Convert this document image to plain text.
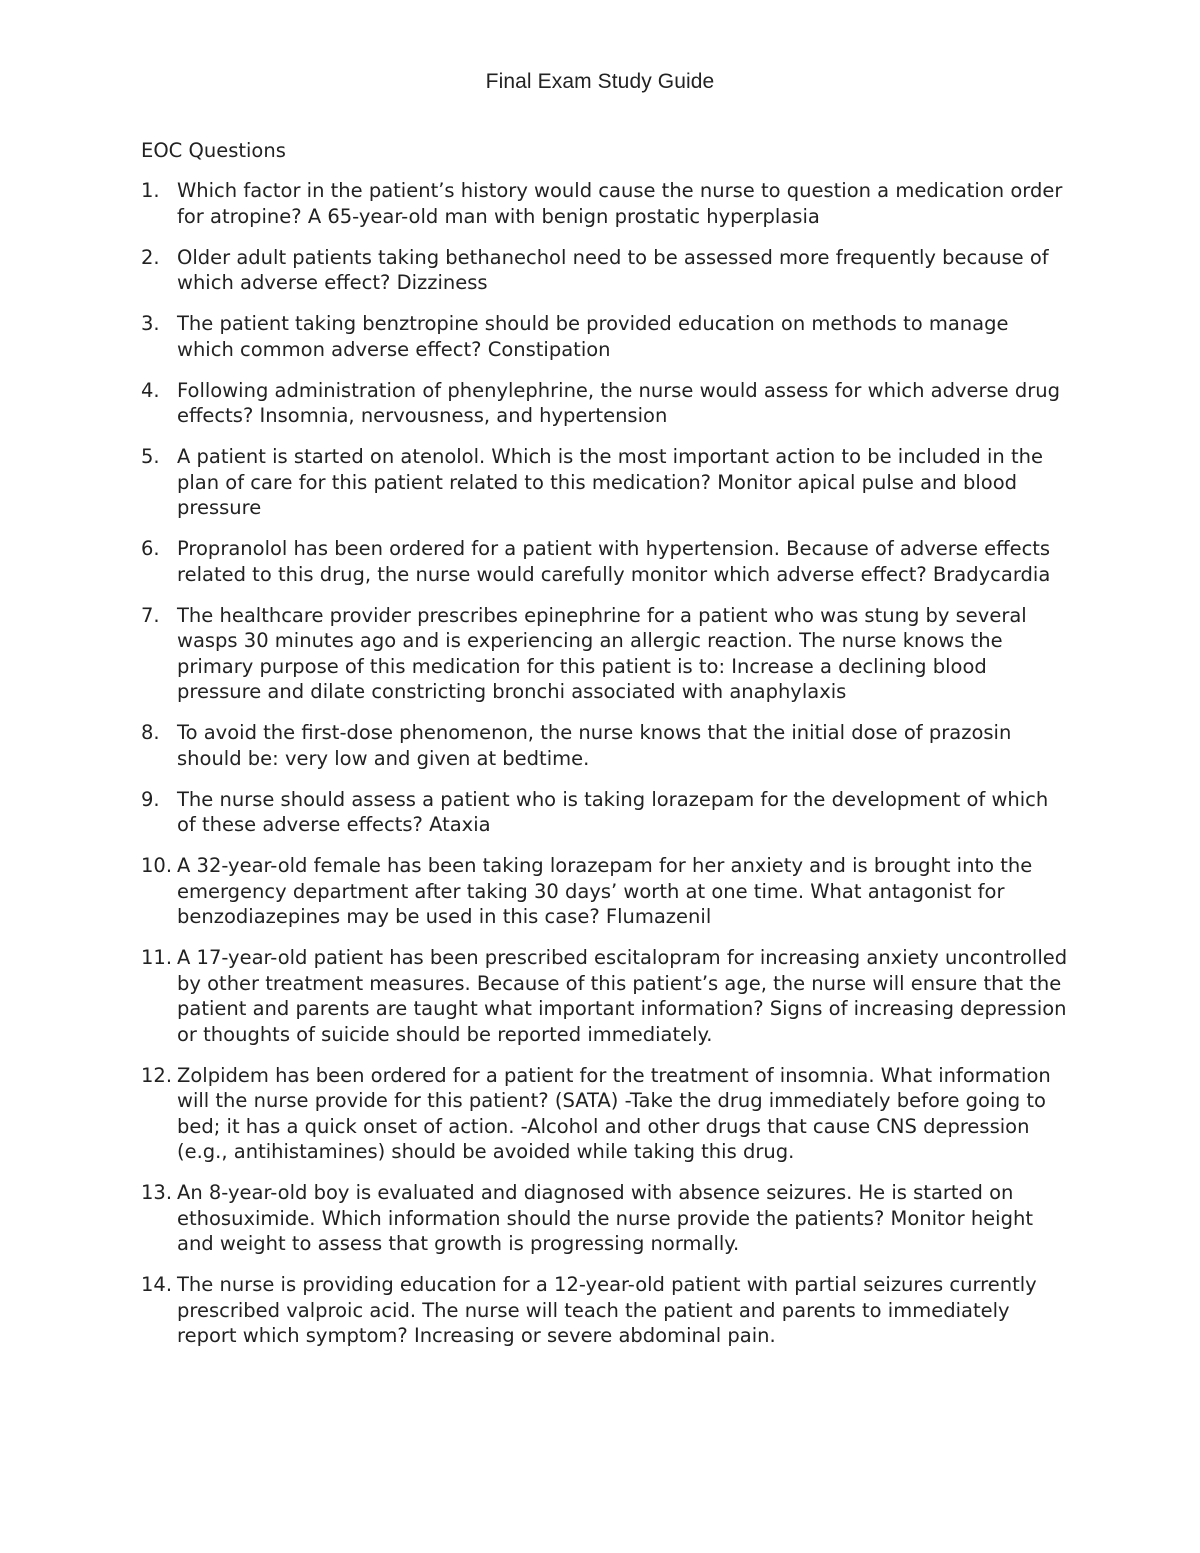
Final Exam Study Guide
EOC Questions
1. Which factor in the patient’s history would cause the nurse to question a medication order for atropine? A 65-year-old man with benign prostatic hyperplasia
2. Older adult patients taking bethanechol need to be assessed more frequently because of which adverse effect? Dizziness
3. The patient taking benztropine should be provided education on methods to manage which common adverse effect? Constipation
4. Following administration of phenylephrine, the nurse would assess for which adverse drug effects? Insomnia, nervousness, and hypertension
5. A patient is started on atenolol. Which is the most important action to be included in the plan of care for this patient related to this medication? Monitor apical pulse and blood pressure
6. Propranolol has been ordered for a patient with hypertension. Because of adverse effects related to this drug, the nurse would carefully monitor which adverse effect? Bradycardia
7. The healthcare provider prescribes epinephrine for a patient who was stung by several wasps 30 minutes ago and is experiencing an allergic reaction. The nurse knows the primary purpose of this medication for this patient is to: Increase a declining blood pressure and dilate constricting bronchi associated with anaphylaxis
8. To avoid the first-dose phenomenon, the nurse knows that the initial dose of prazosin should be: very low and given at bedtime.
9. The nurse should assess a patient who is taking lorazepam for the development of which of these adverse effects? Ataxia
10. A 32-year-old female has been taking lorazepam for her anxiety and is brought into the emergency department after taking 30 days’ worth at one time. What antagonist for benzodiazepines may be used in this case? Flumazenil
11. A 17-year-old patient has been prescribed escitalopram for increasing anxiety uncontrolled by other treatment measures. Because of this patient’s age, the nurse will ensure that the patient and parents are taught what important information? Signs of increasing depression or thoughts of suicide should be reported immediately.
12. Zolpidem has been ordered for a patient for the treatment of insomnia. What information will the nurse provide for this patient? (SATA) -Take the drug immediately before going to bed; it has a quick onset of action. -Alcohol and other drugs that cause CNS depression (e.g., antihistamines) should be avoided while taking this drug.
13. An 8-year-old boy is evaluated and diagnosed with absence seizures. He is started on ethosuximide. Which information should the nurse provide the patients? Monitor height and weight to assess that growth is progressing normally.
14. The nurse is providing education for a 12-year-old patient with partial seizures currently prescribed valproic acid. The nurse will teach the patient and parents to immediately report which symptom? Increasing or severe abdominal pain.
